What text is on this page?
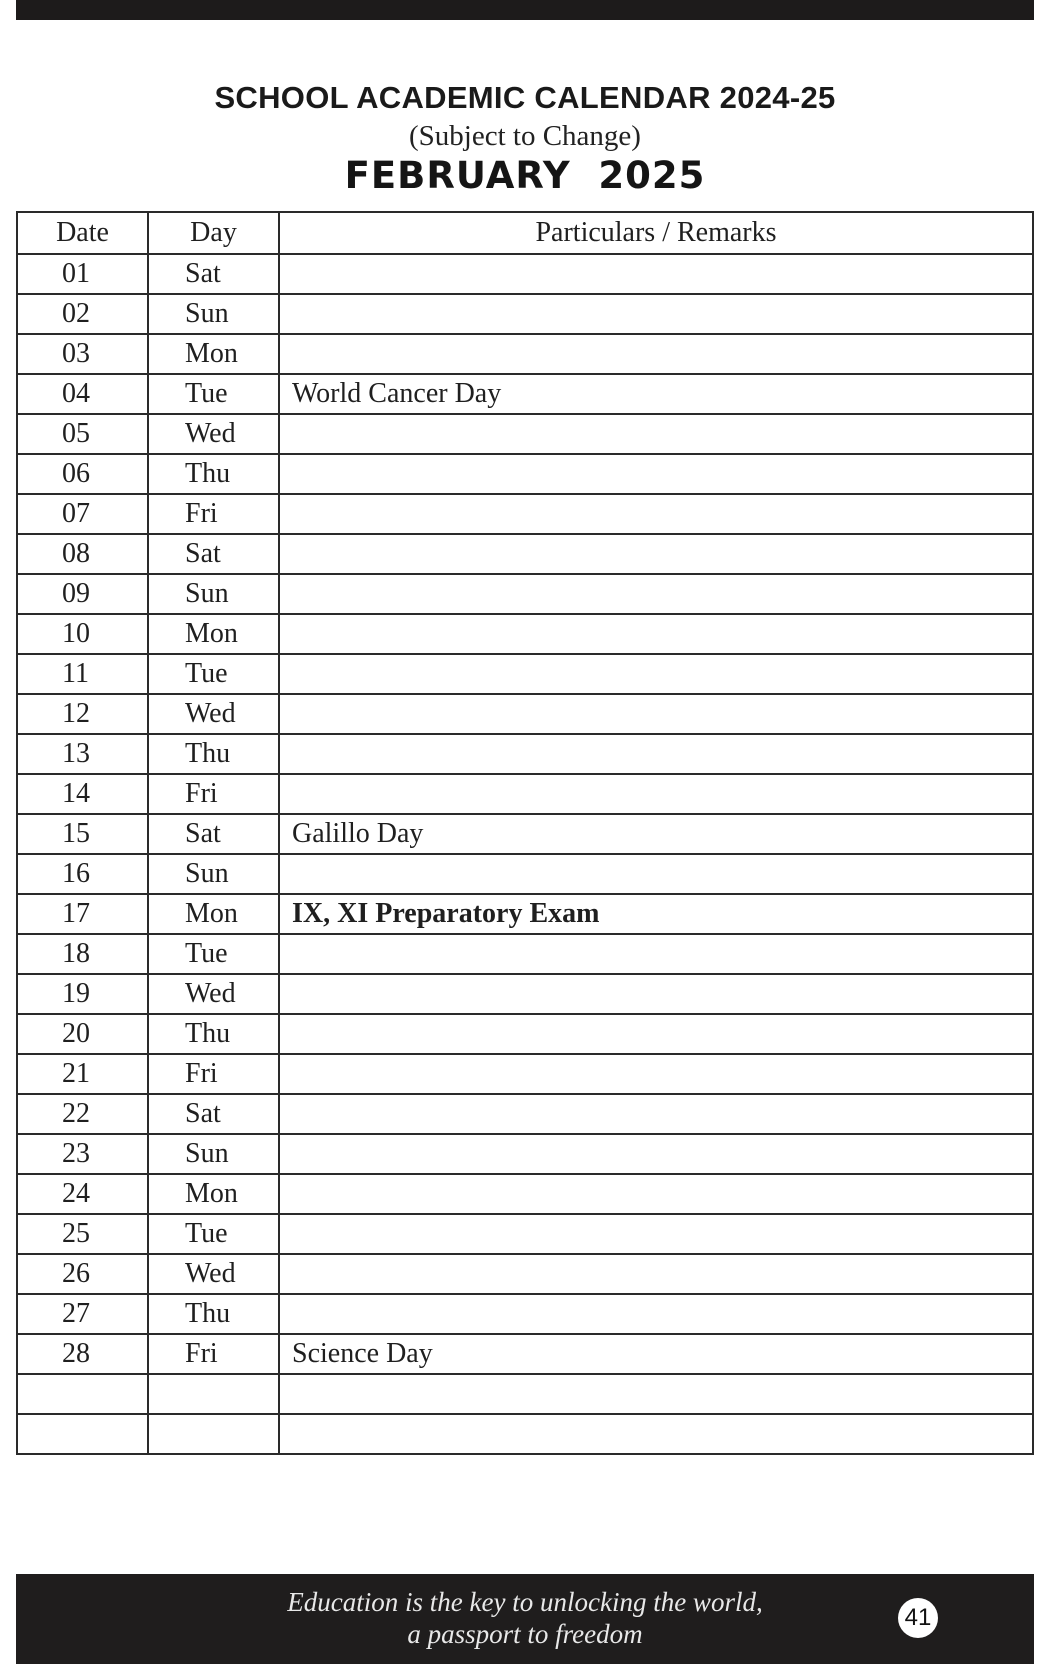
SCHOOL ACADEMIC CALENDAR 2024-25
(Subject to Change)
FEBRUARY  2025
Date	Day	Particulars / Remarks
01	Sat	
02	Sun	
03	Mon	
04	Tue	World Cancer Day
05	Wed	
06	Thu	
07	Fri	
08	Sat	
09	Sun	
10	Mon	
11	Tue	
12	Wed	
13	Thu	
14	Fri	
15	Sat	Galillo Day
16	Sun	
17	Mon	IX, XI Preparatory Exam
18	Tue	
19	Wed	
20	Thu	
21	Fri	
22	Sat	
23	Sun	
24	Mon	
25	Tue	
26	Wed	
27	Thu	
28	Fri	Science Day

Education is the key to unlocking the world,
a passport to freedom
41
